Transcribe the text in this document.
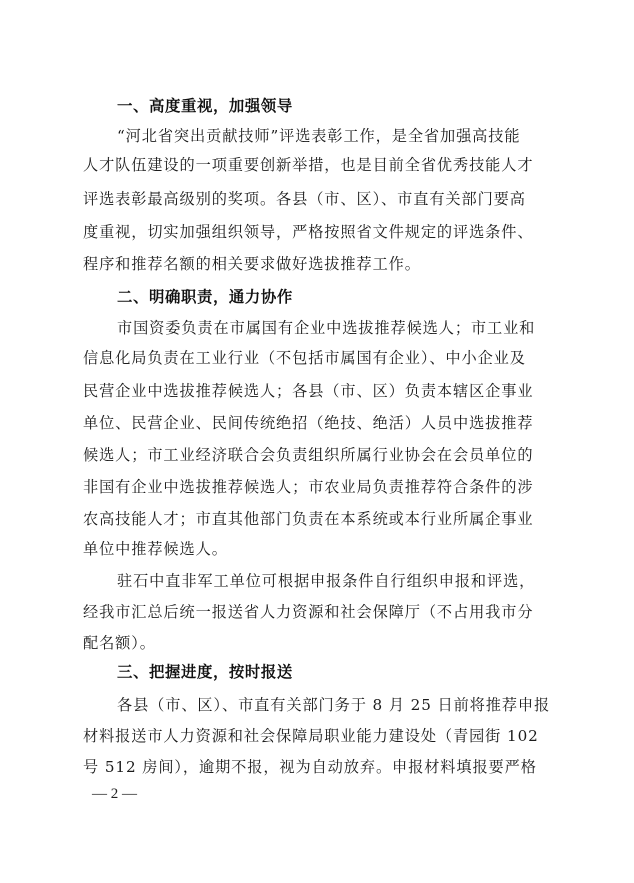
一、高度重视，加强领导
“河北省突出贡献技师”评选表彰工作，是全省加强高技能
人才队伍建设的一项重要创新举措，也是目前全省优秀技能人才
评选表彰最高级别的奖项。各县（市、区）、市直有关部门要高
度重视，切实加强组织领导，严格按照省文件规定的评选条件、
程序和推荐名额的相关要求做好选拔推荐工作。
二、明确职责，通力协作
市国资委负责在市属国有企业中选拔推荐候选人；市工业和
信息化局负责在工业行业（不包括市属国有企业）、中小企业及
民营企业中选拔推荐候选人；各县（市、区）负责本辖区企事业
单位、民营企业、民间传统绝招（绝技、绝活）人员中选拔推荐
候选人；市工业经济联合会负责组织所属行业协会在会员单位的
非国有企业中选拔推荐候选人；市农业局负责推荐符合条件的涉
农高技能人才；市直其他部门负责在本系统或本行业所属企事业
单位中推荐候选人。
驻石中直非军工单位可根据申报条件自行组织申报和评选，
经我市汇总后统一报送省人力资源和社会保障厅（不占用我市分
配名额）。
三、把握进度，按时报送
各县（市、区）、市直有关部门务于 8 月 25 日前将推荐申报
材料报送市人力资源和社会保障局职业能力建设处（青园街 102
号 512 房间），逾期不报，视为自动放弃。申报材料填报要严格
— 2 —
